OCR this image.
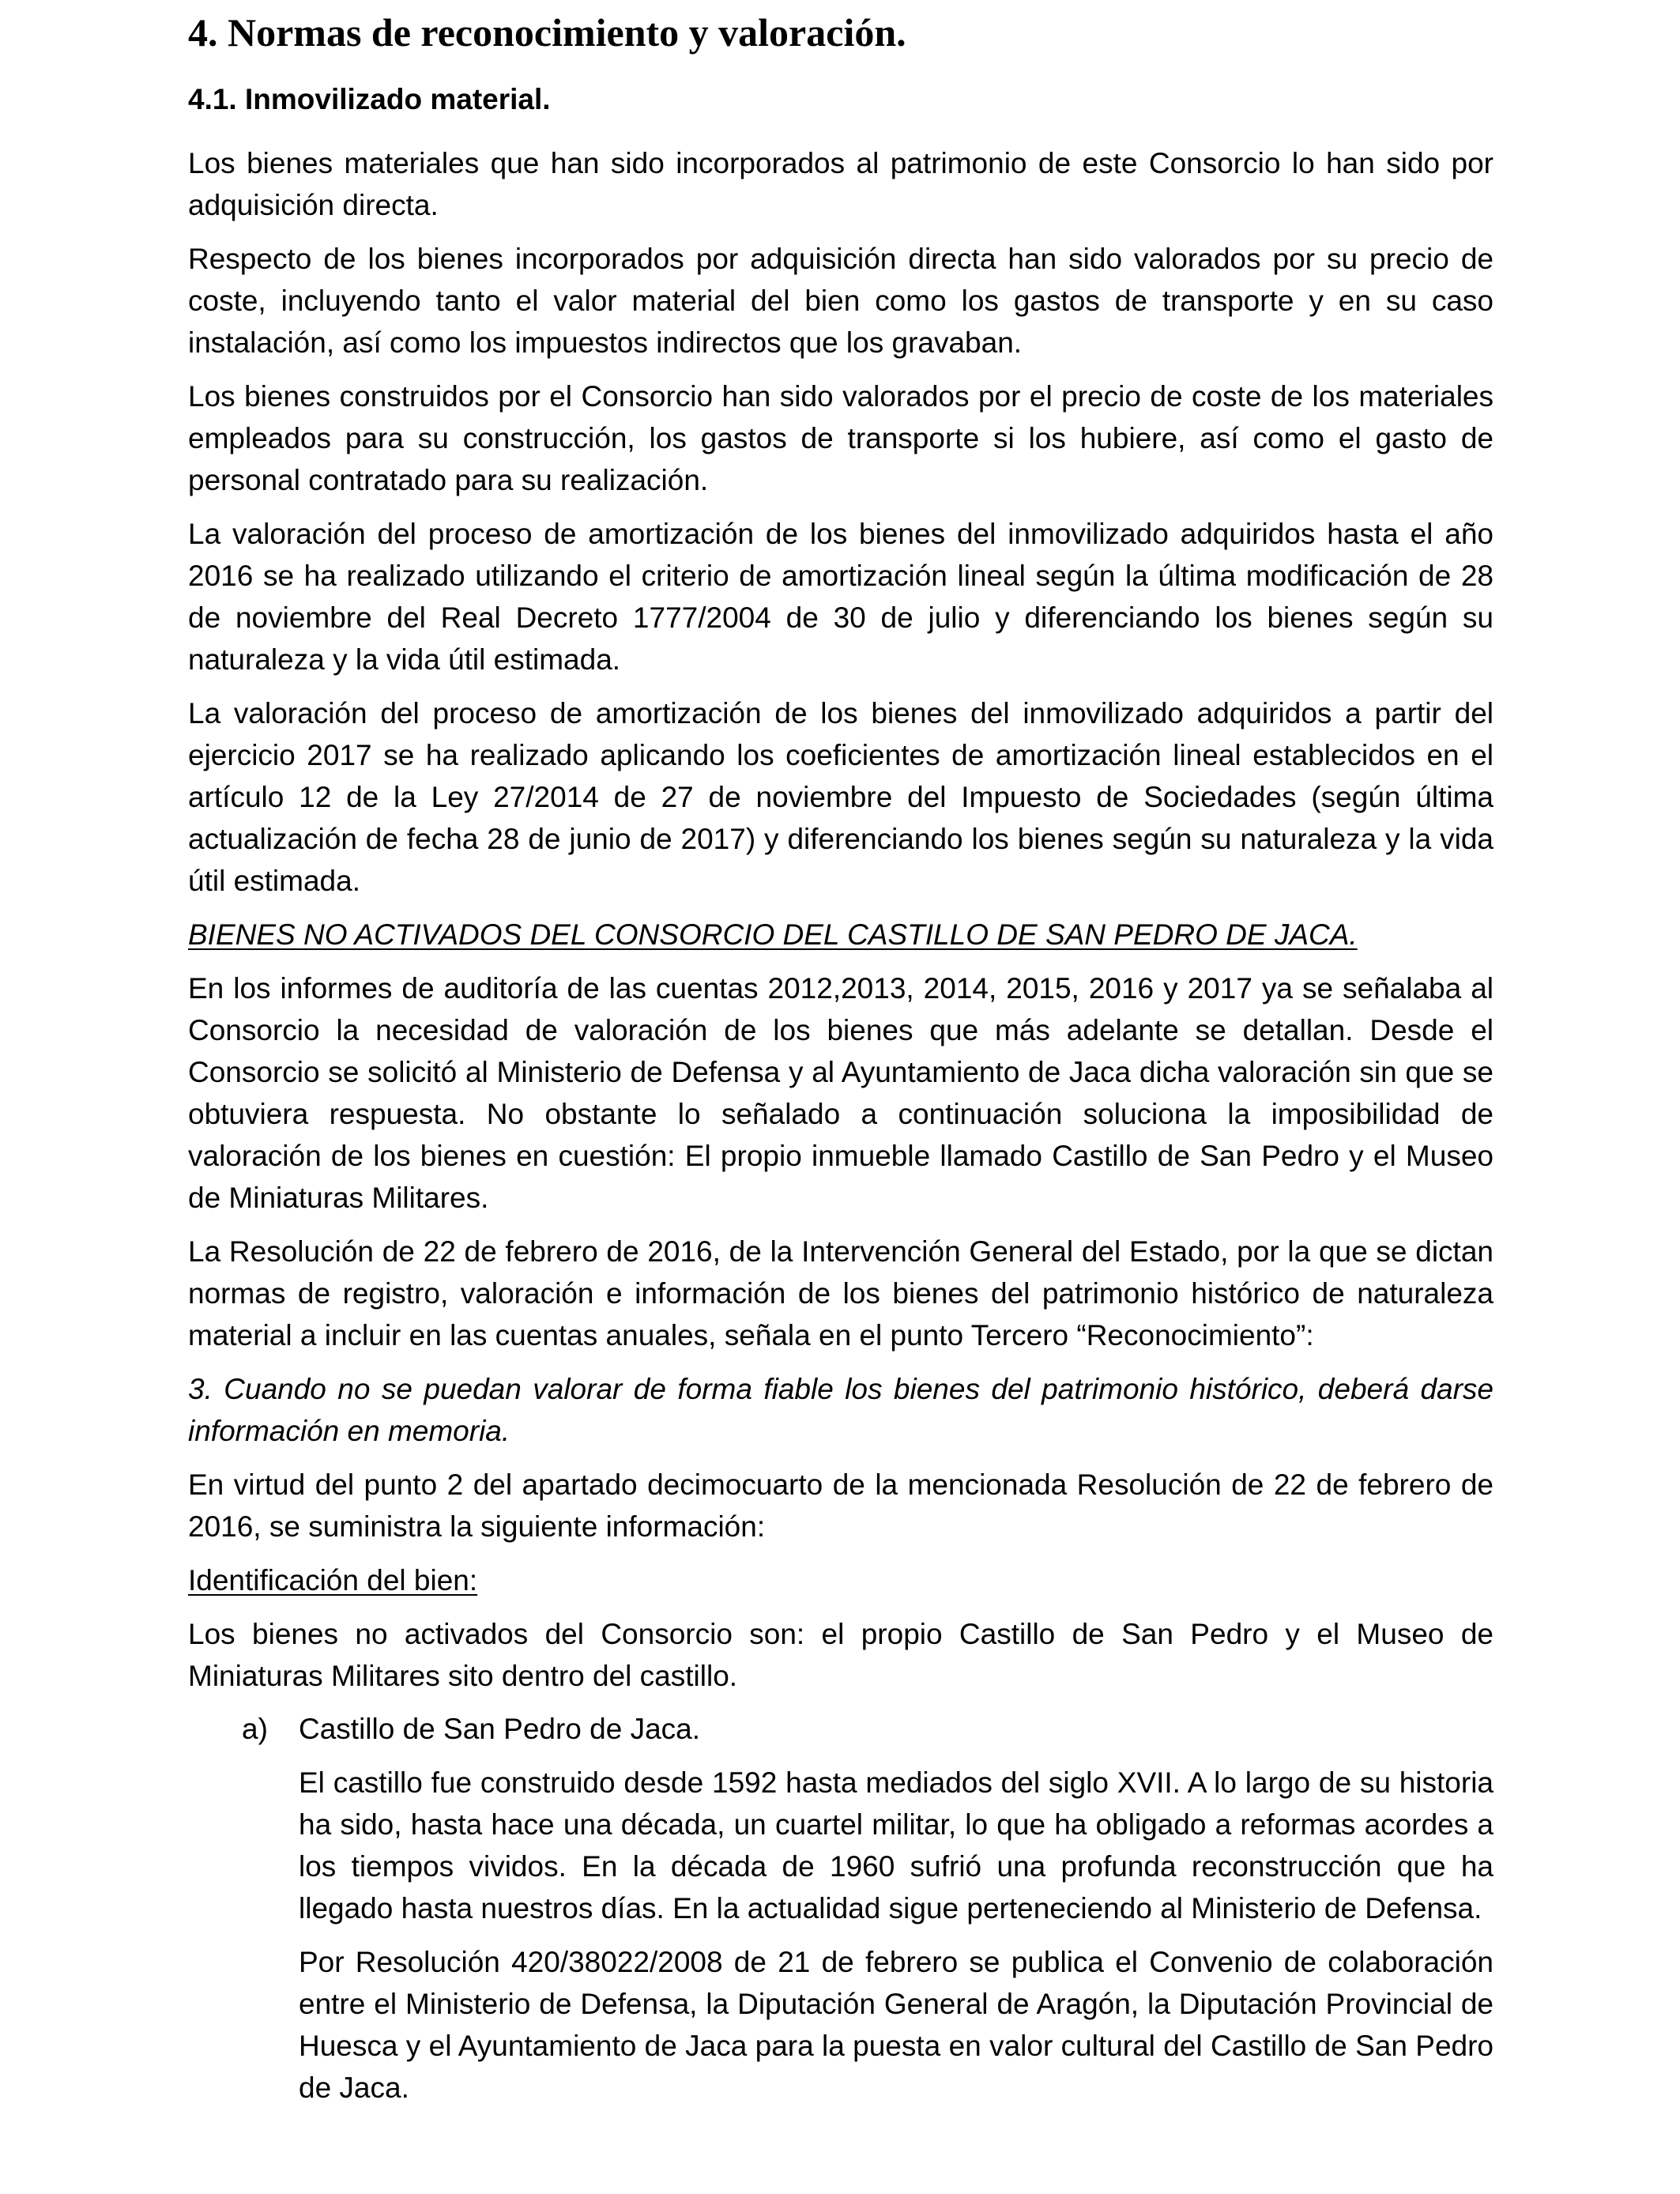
4. Normas de reconocimiento y valoración.
4.1. Inmovilizado material.

Los bienes materiales que han sido incorporados al patrimonio de este Consorcio lo han sido por adquisición directa.

Respecto de los bienes incorporados por adquisición directa han sido valorados por su precio de coste, incluyendo tanto el valor material del bien como los gastos de transporte y en su caso instalación, así como los impuestos indirectos que los gravaban.

Los bienes construidos por el Consorcio han sido valorados por el precio de coste de los materiales empleados para su construcción, los gastos de transporte si los hubiere, así como el gasto de personal contratado para su realización.

La valoración del proceso de amortización de los bienes del inmovilizado adquiridos hasta el año 2016 se ha realizado utilizando el criterio de amortización lineal según la última modificación de 28 de noviembre del Real Decreto 1777/2004 de 30 de julio y diferenciando los bienes según su naturaleza y la vida útil estimada.

La valoración del proceso de amortización de los bienes del inmovilizado adquiridos a partir del ejercicio 2017 se ha realizado aplicando los coeficientes de amortización lineal establecidos en el artículo 12 de la Ley 27/2014 de 27 de noviembre del Impuesto de Sociedades (según última actualización de fecha 28 de junio de 2017) y diferenciando los bienes según su naturaleza y la vida útil estimada.

BIENES NO ACTIVADOS DEL CONSORCIO DEL CASTILLO DE SAN PEDRO DE JACA.

En los informes de auditoría de las cuentas 2012,2013, 2014, 2015, 2016 y 2017 ya se señalaba al Consorcio la necesidad de valoración de los bienes que más adelante se detallan. Desde el Consorcio se solicitó al Ministerio de Defensa y al Ayuntamiento de Jaca dicha valoración sin que se obtuviera respuesta. No obstante lo señalado a continuación soluciona la imposibilidad de valoración de los bienes en cuestión: El propio inmueble llamado Castillo de San Pedro y el Museo de Miniaturas Militares.

La Resolución de 22 de febrero de 2016, de la Intervención General del Estado, por la que se dictan normas de registro, valoración e información de los bienes del patrimonio histórico de naturaleza material a incluir en las cuentas anuales, señala en el punto Tercero “Reconocimiento”:

3. Cuando no se puedan valorar de forma fiable los bienes del patrimonio histórico, deberá darse información en memoria.

En virtud del punto 2 del apartado decimocuarto de la mencionada Resolución de 22 de febrero de 2016, se suministra la siguiente información:

Identificación del bien:

Los bienes no activados del Consorcio son: el propio Castillo de San Pedro y el Museo de Miniaturas Militares sito dentro del castillo.

a) Castillo de San Pedro de Jaca.

El castillo fue construido desde 1592 hasta mediados del siglo XVII. A lo largo de su historia ha sido, hasta hace una década, un cuartel militar, lo que ha obligado a reformas acordes a los tiempos vividos. En la década de 1960 sufrió una profunda reconstrucción que ha llegado hasta nuestros días. En la actualidad sigue perteneciendo al Ministerio de Defensa.

Por Resolución 420/38022/2008 de 21 de febrero se publica el Convenio de colaboración entre el Ministerio de Defensa, la Diputación General de Aragón, la Diputación Provincial de Huesca y el Ayuntamiento de Jaca para la puesta en valor cultural del Castillo de San Pedro de Jaca.
